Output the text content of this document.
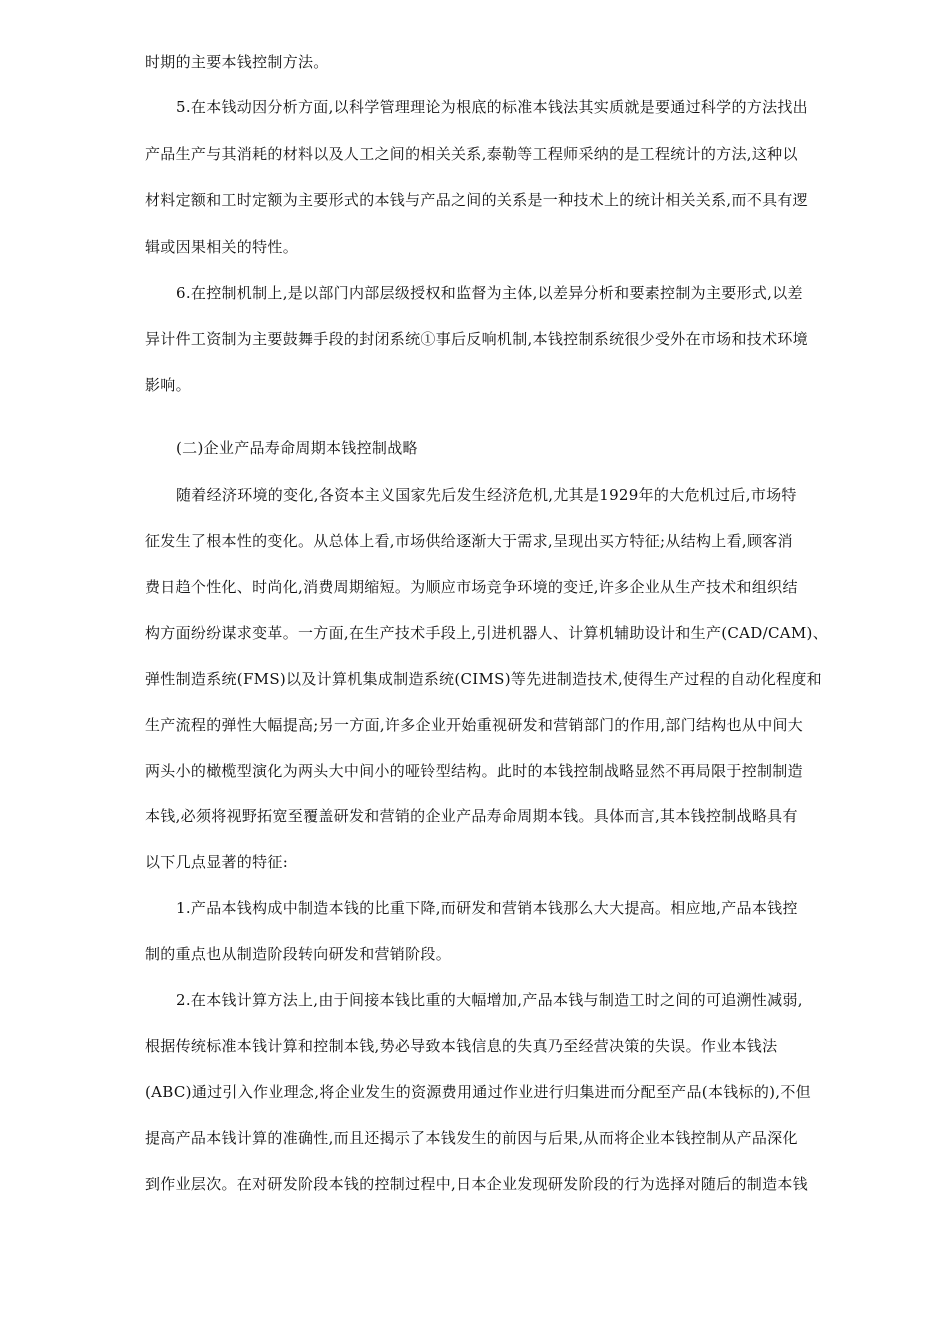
时期的主要本钱控制方法。
5.在本钱动因分析方面,以科学管理理论为根底的标准本钱法其实质就是要通过科学的方法找出
产品生产与其消耗的材料以及人工之间的相关关系,泰勒等工程师采纳的是工程统计的方法,这种以
材料定额和工时定额为主要形式的本钱与产品之间的关系是一种技术上的统计相关关系,而不具有逻
辑或因果相关的特性。
6.在控制机制上,是以部门内部层级授权和监督为主体,以差异分析和要素控制为主要形式,以差
异计件工资制为主要鼓舞手段的封闭系统①事后反响机制,本钱控制系统很少受外在市场和技术环境
影响。
(二)企业产品寿命周期本钱控制战略
随着经济环境的变化,各资本主义国家先后发生经济危机,尤其是1929年的大危机过后,市场特
征发生了根本性的变化。从总体上看,市场供给逐渐大于需求,呈现出买方特征;从结构上看,顾客消
费日趋个性化、时尚化,消费周期缩短。为顺应市场竞争环境的变迁,许多企业从生产技术和组织结
构方面纷纷谋求变革。一方面,在生产技术手段上,引进机器人、计算机辅助设计和生产(CAD/CAM)、
弹性制造系统(FMS)以及计算机集成制造系统(CIMS)等先进制造技术,使得生产过程的自动化程度和
生产流程的弹性大幅提高;另一方面,许多企业开始重视研发和营销部门的作用,部门结构也从中间大
两头小的橄榄型演化为两头大中间小的哑铃型结构。此时的本钱控制战略显然不再局限于控制制造
本钱,必须将视野拓宽至覆盖研发和营销的企业产品寿命周期本钱。具体而言,其本钱控制战略具有
以下几点显著的特征:
1.产品本钱构成中制造本钱的比重下降,而研发和营销本钱那么大大提高。相应地,产品本钱控
制的重点也从制造阶段转向研发和营销阶段。
2.在本钱计算方法上,由于间接本钱比重的大幅增加,产品本钱与制造工时之间的可追溯性减弱,
根据传统标准本钱计算和控制本钱,势必导致本钱信息的失真乃至经营决策的失误。作业本钱法
(ABC)通过引入作业理念,将企业发生的资源费用通过作业进行归集进而分配至产品(本钱标的),不但
提高产品本钱计算的准确性,而且还揭示了本钱发生的前因与后果,从而将企业本钱控制从产品深化
到作业层次。在对研发阶段本钱的控制过程中,日本企业发现研发阶段的行为选择对随后的制造本钱
